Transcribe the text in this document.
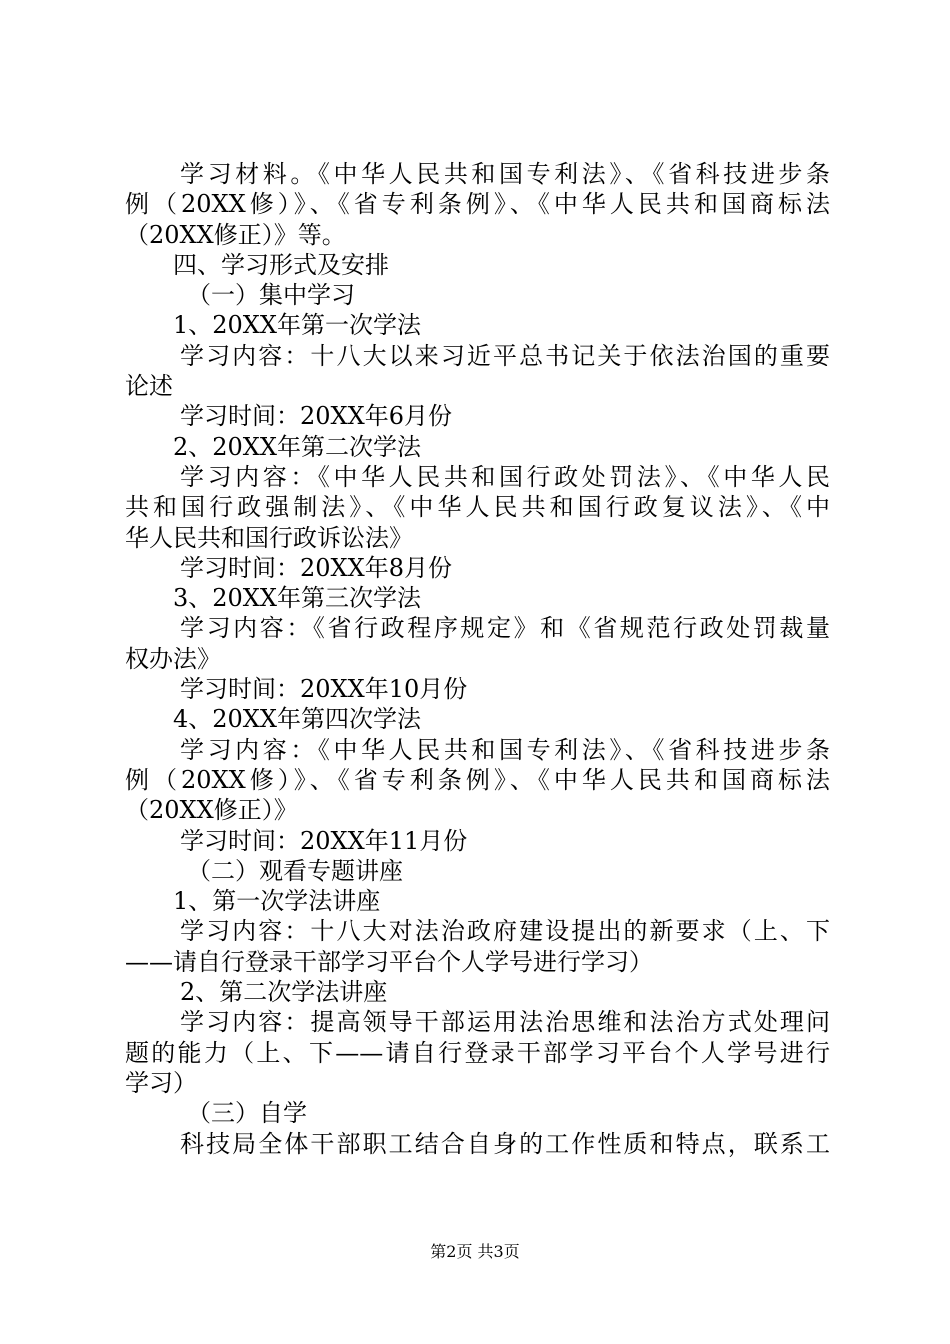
学习材料。《中华人民共和国专利法》、《省科技进步条
例（20XX修）》、《省专利条例》、《中华人民共和国商标法
（20XX修正）》等。
四、学习形式及安排
（一）集中学习
1、20XX年第一次学法
学习内容：十八大以来习近平总书记关于依法治国的重要
论述
学习时间：20XX年6月份
2、20XX年第二次学法
学习内容：《中华人民共和国行政处罚法》、《中华人民
共和国行政强制法》、《中华人民共和国行政复议法》、《中
华人民共和国行政诉讼法》
学习时间：20XX年8月份
3、20XX年第三次学法
学习内容：《省行政程序规定》和《省规范行政处罚裁量
权办法》
学习时间：20XX年10月份
4、20XX年第四次学法
学习内容：《中华人民共和国专利法》、《省科技进步条
例（20XX修）》、《省专利条例》、《中华人民共和国商标法
（20XX修正）》
学习时间：20XX年11月份
（二）观看专题讲座
1、第一次学法讲座
学习内容：十八大对法治政府建设提出的新要求（上、下
——请自行登录干部学习平台个人学号进行学习）
2、第二次学法讲座
学习内容：提高领导干部运用法治思维和法治方式处理问
题的能力（上、下——请自行登录干部学习平台个人学号进行
学习）
（三）自学
科技局全体干部职工结合自身的工作性质和特点，联系工
第2页 共3页
